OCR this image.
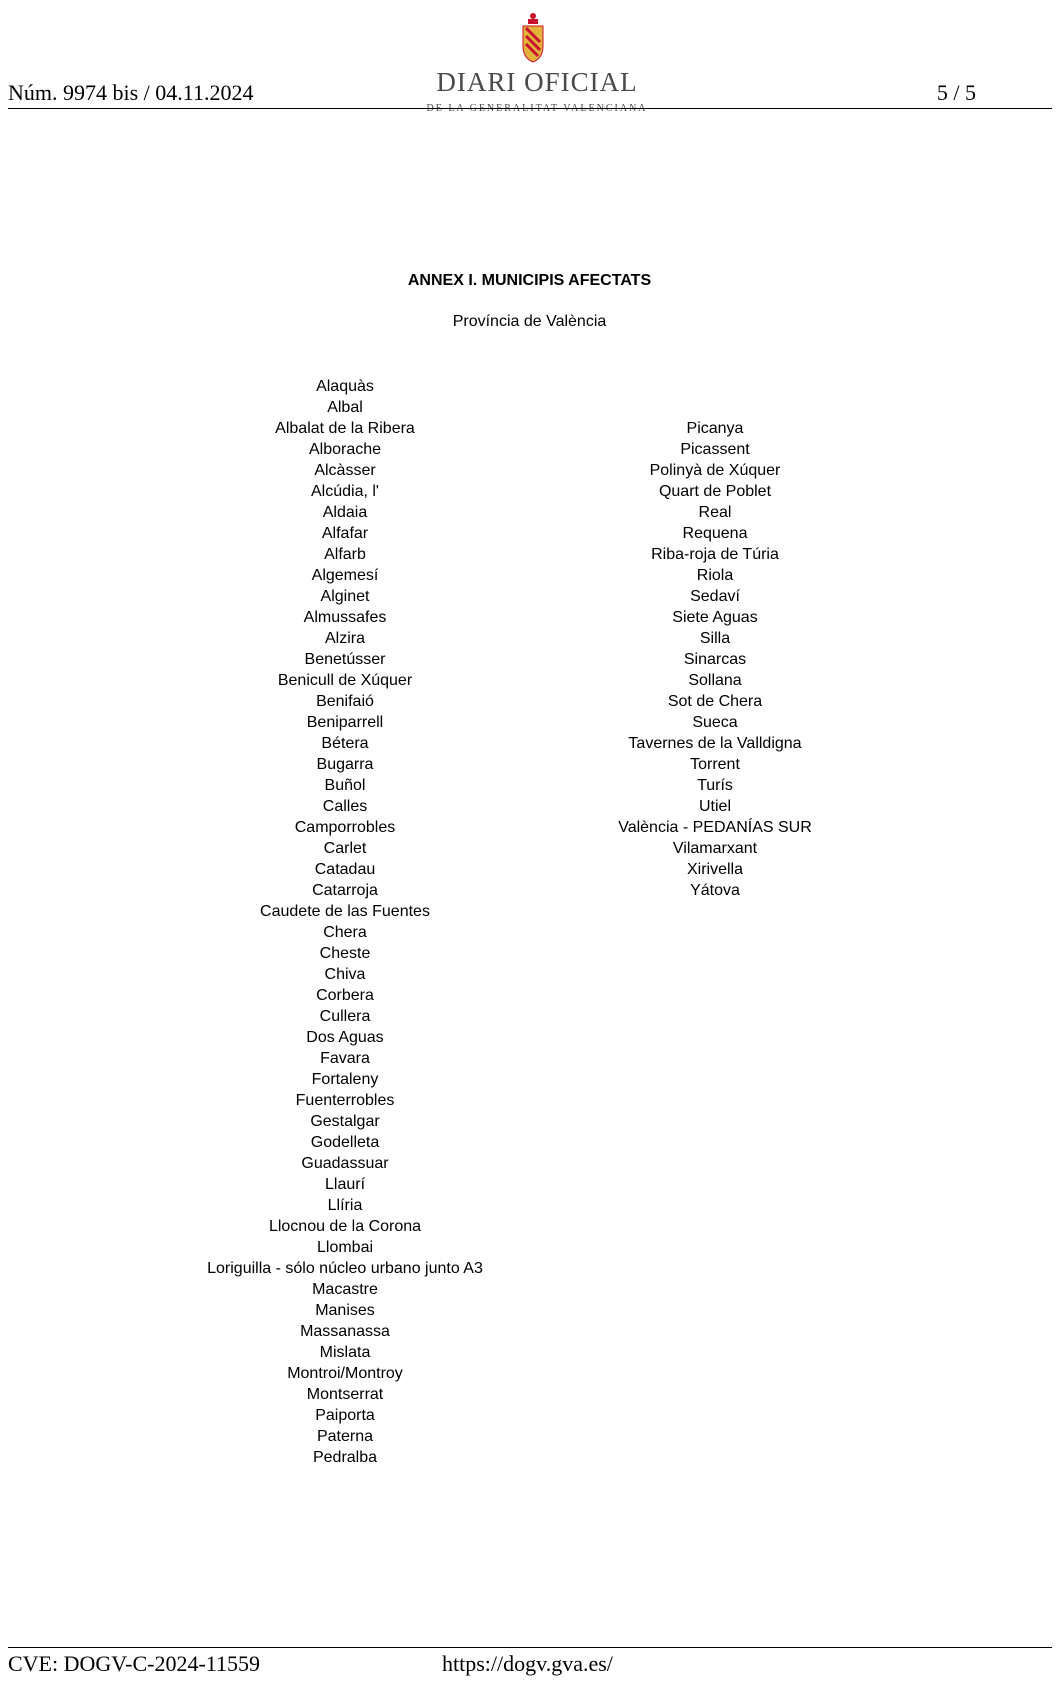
Núm. 9974 bis / 04.11.2024	DIARI OFICIAL
DE LA GENERALITAT VALENCIANA
5 / 5
ANNEX I. MUNICIPIS AFECTATS
Província de València
Alaquàs
Albal
Albalat de la Ribera
Alborache
Alcàsser
Alcúdia, l'
Aldaia
Alfafar
Alfarb
Algemesí
Alginet
Almussafes
Alzira
Benetússer
Benicull de Xúquer
Benifaió
Beniparrell
Bétera
Bugarra
Buñol
Calles
Camporrobles
Carlet
Catadau
Catarroja
Caudete de las Fuentes
Chera
Cheste
Chiva
Corbera
Cullera
Dos Aguas
Favara
Fortaleny
Fuenterrobles
Gestalgar
Godelleta
Guadassuar
Llaurí
Llíria
Llocnou de la Corona
Llombai
Loriguilla - sólo núcleo urbano junto A3
Macastre
Manises
Massanassa
Mislata
Montroi/Montroy
Montserrat
Paiporta
Paterna
Pedralba
Picanya
Picassent
Polinyà de Xúquer
Quart de Poblet
Real
Requena
Riba-roja de Túria
Riola
Sedaví
Siete Aguas
Silla
Sinarcas
Sollana
Sot de Chera
Sueca
Tavernes de la Valldigna
Torrent
Turís
Utiel
València - PEDANÍAS SUR
Vilamarxant
Xirivella
Yátova
CVE: DOGV-C-2024-11559	https://dogv.gva.es/
